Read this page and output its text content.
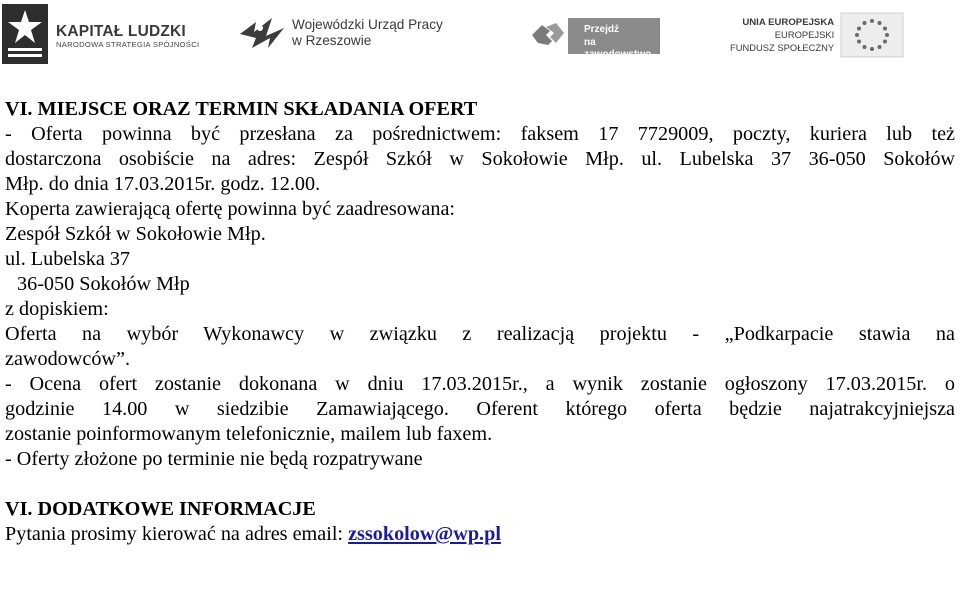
KAPITAŁ LUDZKI
NARODOWA STRATEGIA SPÓJNOŚCI
Wojewódzki Urząd Pracy
w Rzeszowie
Przejdź
na zawodowstwo
UNIA EUROPEJSKA
EUROPEJSKI
FUNDUSZ SPOŁECZNY
VI. MIEJSCE ORAZ TERMIN SKŁADANIA OFERT
- Oferta powinna być przesłana za pośrednictwem: faksem 17 7729009, poczty, kuriera lub też
dostarczona osobiście na adres: Zespół Szkół w Sokołowie Młp. ul. Lubelska 37 36-050 Sokołów
Młp. do dnia 17.03.2015r. godz. 12.00.
Koperta zawierającą ofertę powinna być zaadresowana:
Zespół Szkół w Sokołowie Młp.
ul. Lubelska 37
36-050 Sokołów Młp
z dopiskiem:
Oferta na wybór Wykonawcy w związku z realizacją projektu - „Podkarpacie stawia na
zawodowców”.
- Ocena ofert zostanie dokonana w dniu 17.03.2015r., a wynik zostanie ogłoszony 17.03.2015r. o
godzinie 14.00 w siedzibie Zamawiającego. Oferent którego oferta będzie najatrakcyjniejsza
zostanie poinformowanym telefonicznie, mailem lub faxem.
- Oferty złożone po terminie nie będą rozpatrywane
VI. DODATKOWE INFORMACJE
Pytania prosimy kierować na adres email: zssokolow@wp.pl
